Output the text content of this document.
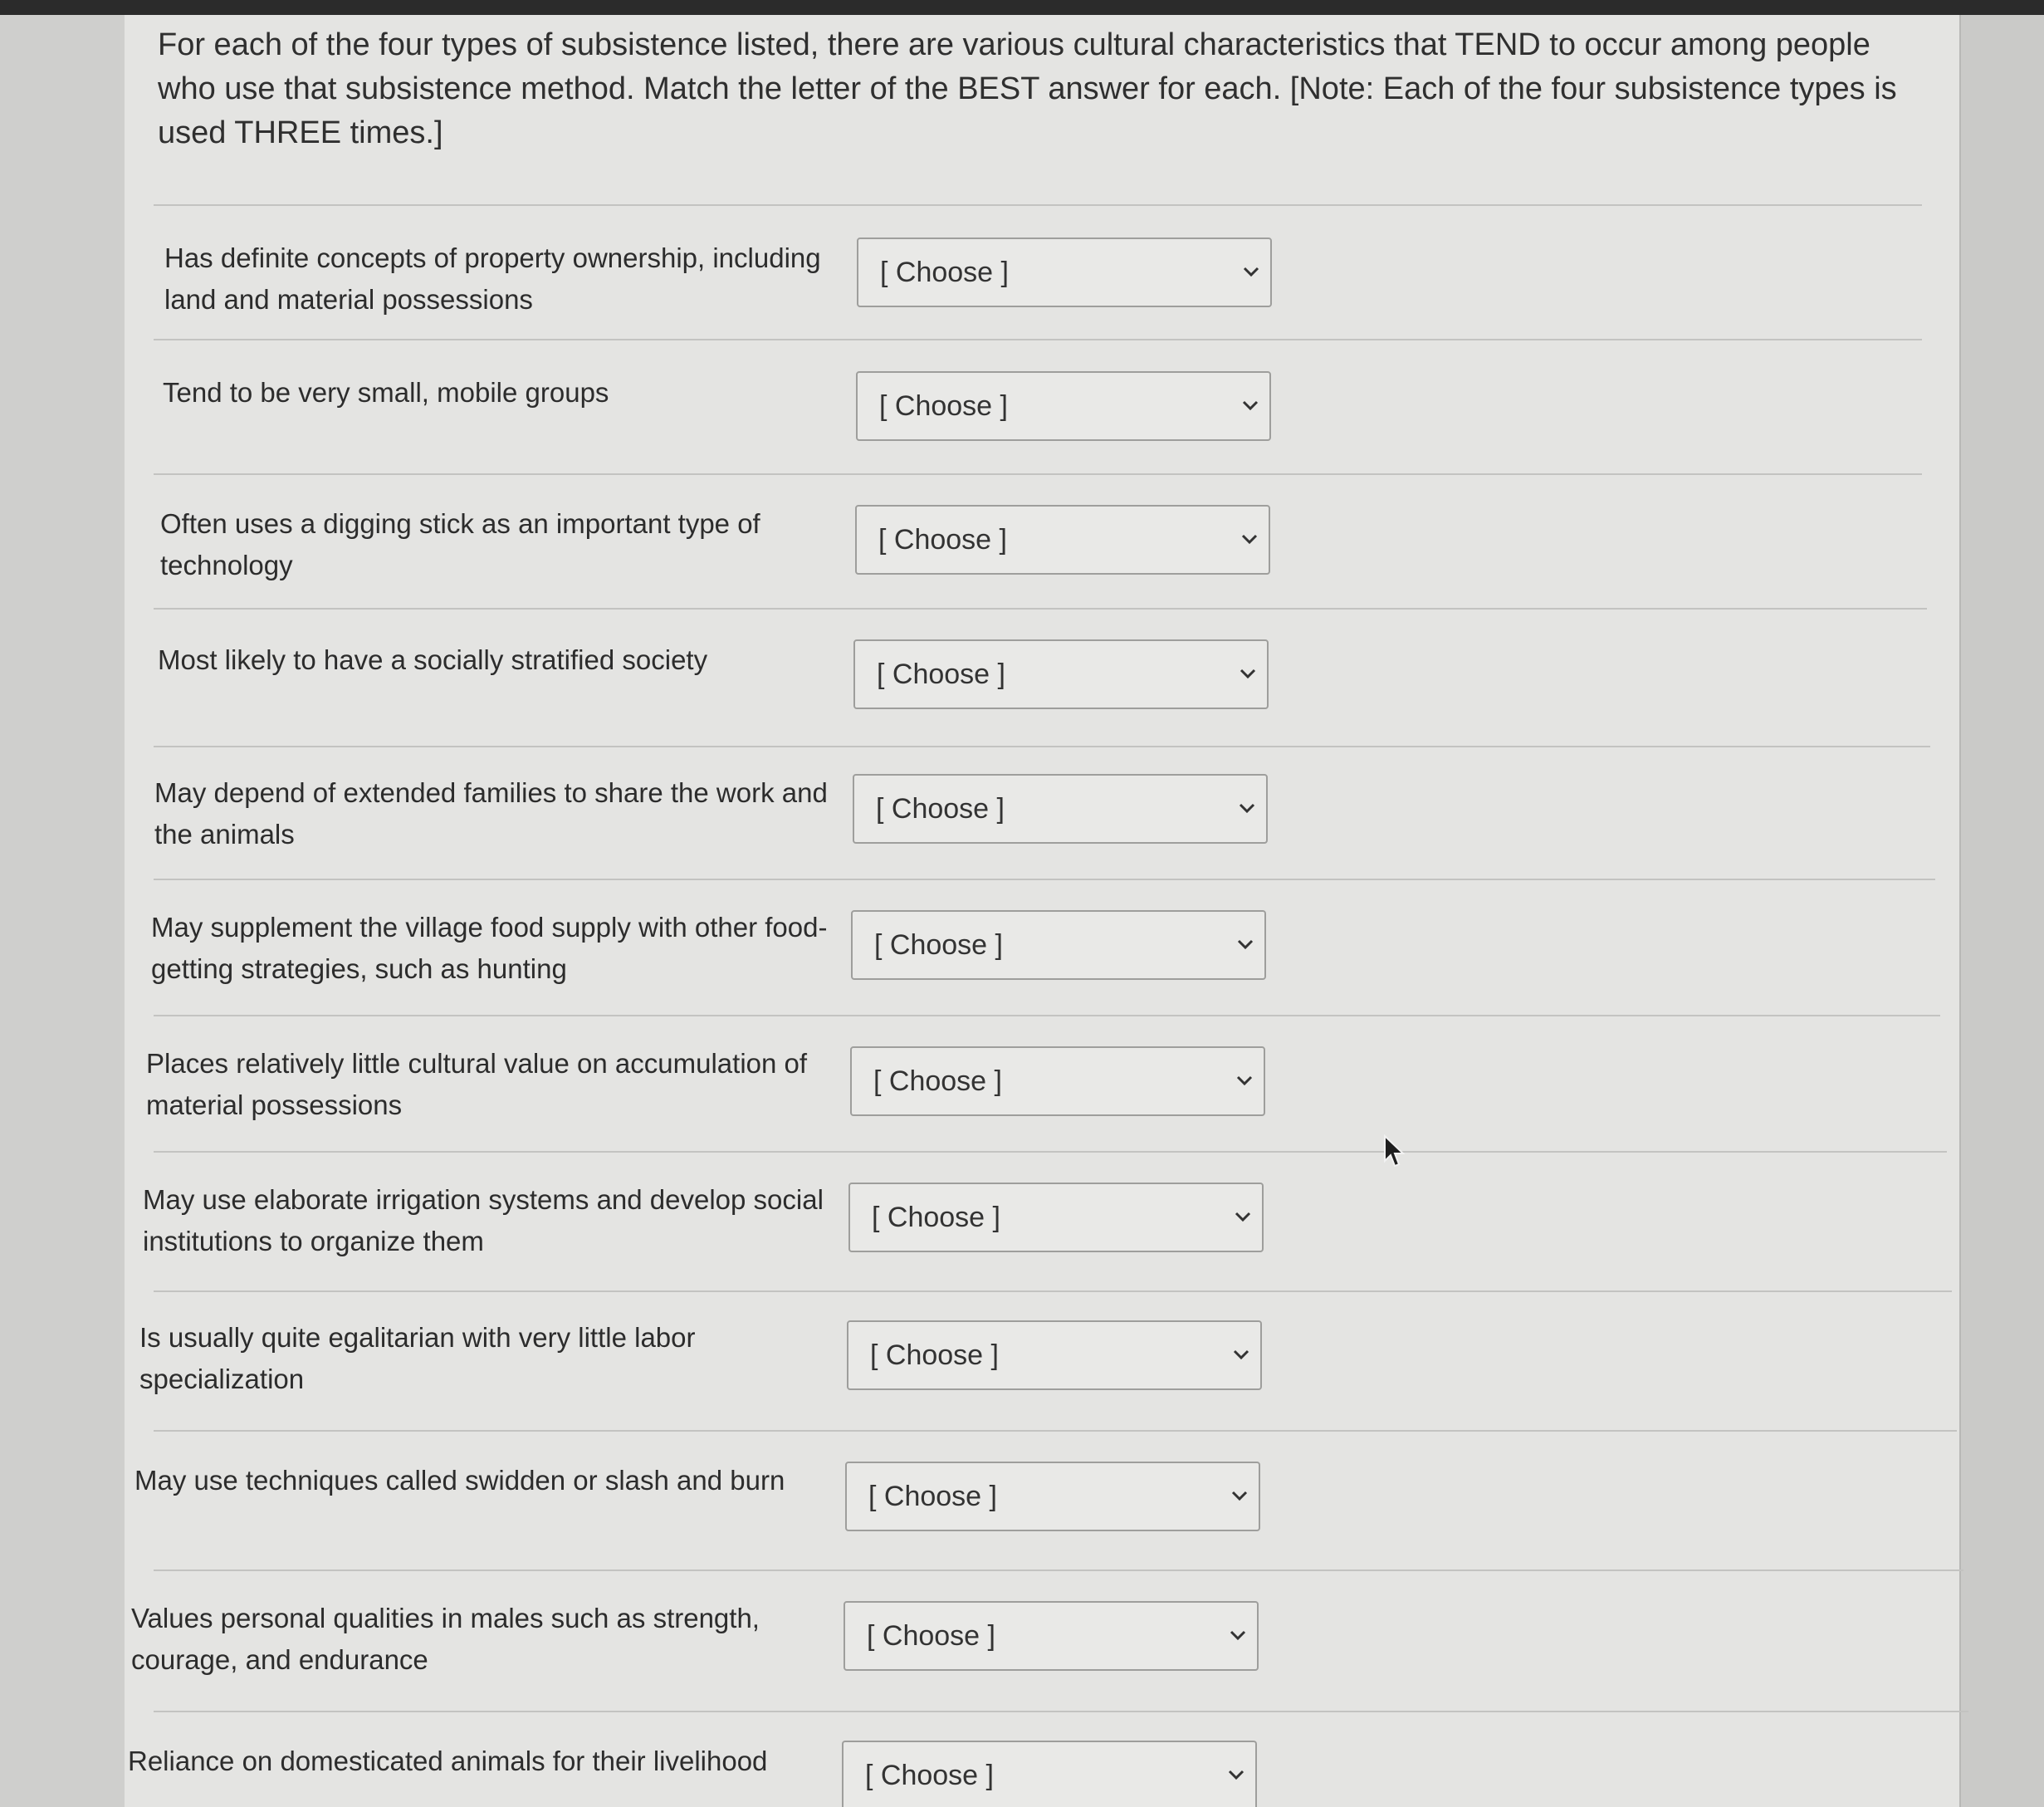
For each of the four types of subsistence listed, there are various cultural characteristics that TEND to occur among people who use that subsistence method. Match the letter of the BEST answer for each. [Note: Each of the four subsistence types is used THREE times.]

Has definite concepts of property ownership, including land and material possessions
[ Choose ]
Tend to be very small, mobile groups	[ Choose ]
Often uses a digging stick as an important type of technology
[ Choose ]
Most likely to have a socially stratified society	[ Choose ]
May depend of extended families to share the work and the animals
[ Choose ]
May supplement the village food supply with other food-getting strategies, such as hunting
[ Choose ]
Places relatively little cultural value on accumulation of material possessions
[ Choose ]
May use elaborate irrigation systems and develop social institutions to organize them
[ Choose ]
Is usually quite egalitarian with very little labor specialization
[ Choose ]
May use techniques called swidden or slash and burn
[ Choose ]
Values personal qualities in males such as strength, courage, and endurance
[ Choose ]
Reliance on domesticated animals for their livelihood	[ Choose ]
